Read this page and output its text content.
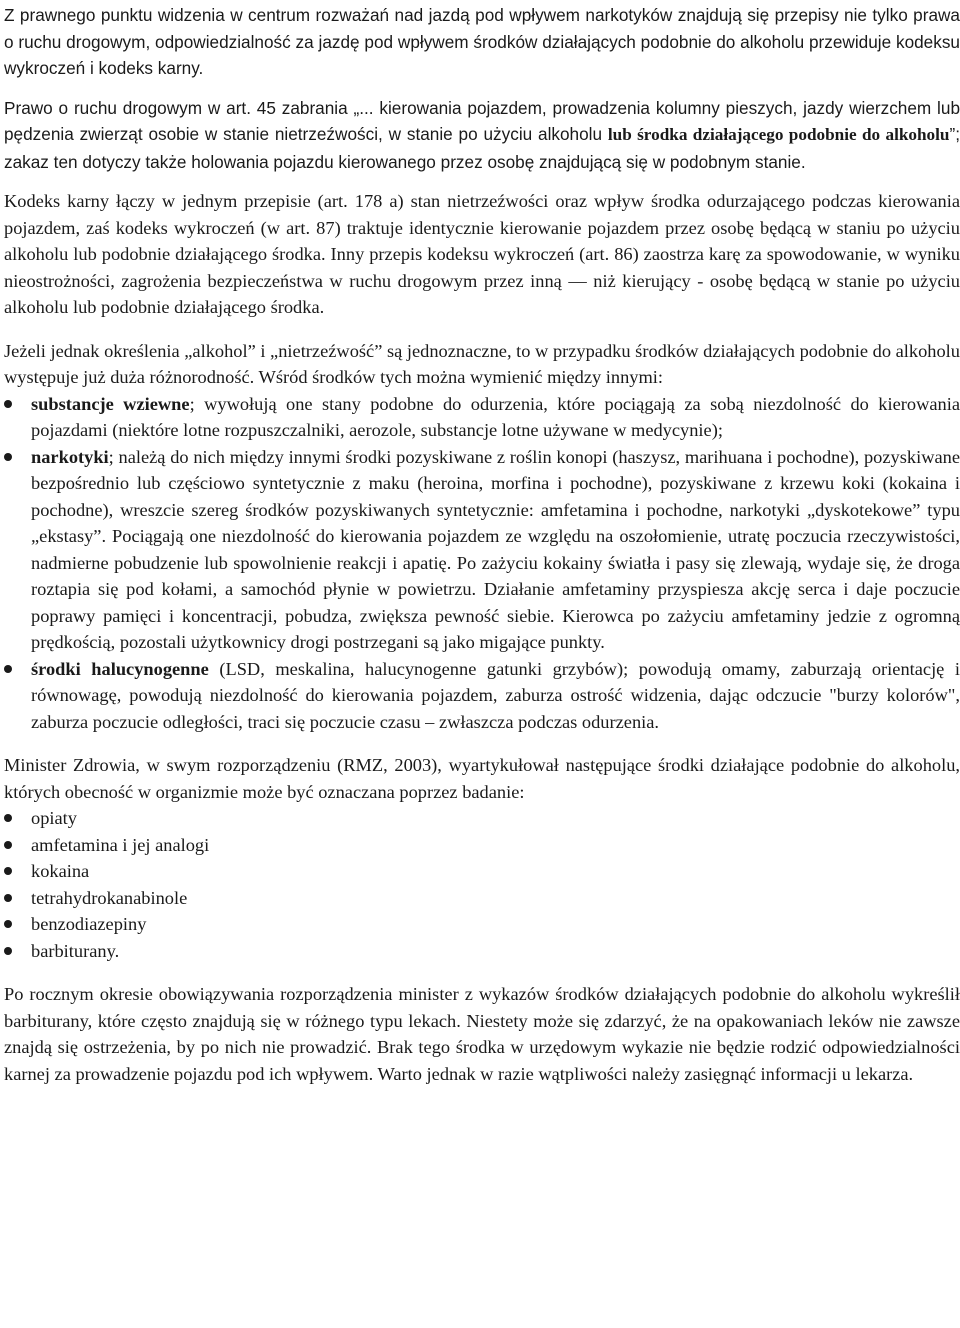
Z prawnego punktu widzenia w centrum rozważań nad jazdą pod wpływem narkotyków znajdują się przepisy nie tylko prawa o ruchu drogowym, odpowiedzialność za jazdę pod wpływem środków działających podobnie do alkoholu przewiduje kodeksu wykroczeń i kodeks karny.

Prawo o ruchu drogowym w art. 45 zabrania „... kierowania pojazdem, prowadzenia kolumny pieszych, jazdy wierzchem lub pędzenia zwierząt osobie w stanie nietrzeźwości, w stanie po użyciu alkoholu lub środka działającego podobnie do alkoholu”; zakaz ten dotyczy także holowania pojazdu kierowanego przez osobę znajdującą się w podobnym stanie.

Kodeks karny łączy w jednym przepisie (art. 178 a) stan nietrzeźwości oraz wpływ środka odurzającego podczas kierowania pojazdem, zaś kodeks wykroczeń (w art. 87) traktuje identycznie kierowanie pojazdem przez osobę będącą w staniu po użyciu alkoholu lub podobnie działającego środka. Inny przepis kodeksu wykroczeń (art. 86) zaostrza karę za spowodowanie, w wyniku nieostrożności, zagrożenia bezpieczeństwa w ruchu drogowym przez inną — niż kierujący - osobę będącą w stanie po użyciu alkoholu lub podobnie działającego środka.

Jeżeli jednak określenia „alkohol” i „nietrzeźwość” są jednoznaczne, to w przypadku środków działających podobnie do alkoholu występuje już duża różnorodność. Wśród środków tych można wymienić między innymi:

substancje wziewne; wywołują one stany podobne do odurzenia, które pociągają za sobą niezdolność do kierowania pojazdami (niektóre lotne rozpuszczalniki, aerozole, substancje lotne używane w medycynie);
narkotyki; należą do nich między innymi środki pozyskiwane z roślin konopi (haszysz, marihuana i pochodne), pozyskiwane bezpośrednio lub częściowo syntetycznie z maku (heroina, morfina i pochodne), pozyskiwane z krzewu koki (kokaina i pochodne), wreszcie szereg środków pozyskiwanych syntetycznie: amfetamina i pochodne, narkotyki „dyskotekowe” typu „ekstasy”. Pociągają one niezdolność do kierowania pojazdem ze względu na oszołomienie, utratę poczucia rzeczywistości, nadmierne pobudzenie lub spowolnienie reakcji i apatię. Po zażyciu kokainy światła i pasy się zlewają, wydaje się, że droga roztapia się pod kołami, a samochód płynie w powietrzu. Działanie amfetaminy przyspiesza akcję serca i daje poczucie poprawy pamięci i koncentracji, pobudza, zwiększa pewność siebie. Kierowca po zażyciu amfetaminy jedzie z ogromną prędkością, pozostali użytkownicy drogi postrzegani są jako migające punkty.
środki halucynogenne (LSD, meskalina, halucynogenne gatunki grzybów); powodują omamy, zaburzają orientację i równowagę, powodują niezdolność do kierowania pojazdem, zaburza ostrość widzenia, dając odczucie "burzy kolorów", zaburza poczucie odległości, traci się poczucie czasu – zwłaszcza podczas odurzenia.

Minister Zdrowia, w swym rozporządzeniu (RMZ, 2003), wyartykułował następujące środki działające podobnie do alkoholu, których obecność w organizmie może być oznaczana poprzez badanie:

opiaty
amfetamina i jej analogi
kokaina
tetrahydrokanabinole
benzodiazepiny
barbiturany.

Po rocznym okresie obowiązywania rozporządzenia minister z wykazów środków działających podobnie do alkoholu wykreślił barbiturany, które często znajdują się w różnego typu lekach. Niestety może się zdarzyć, że na opakowaniach leków nie zawsze znajdą się ostrzeżenia, by po nich nie prowadzić. Brak tego środka w urzędowym wykazie nie będzie rodzić odpowiedzialności karnej za prowadzenie pojazdu pod ich wpływem. Warto jednak w razie wątpliwości należy zasięgnąć informacji u lekarza.
